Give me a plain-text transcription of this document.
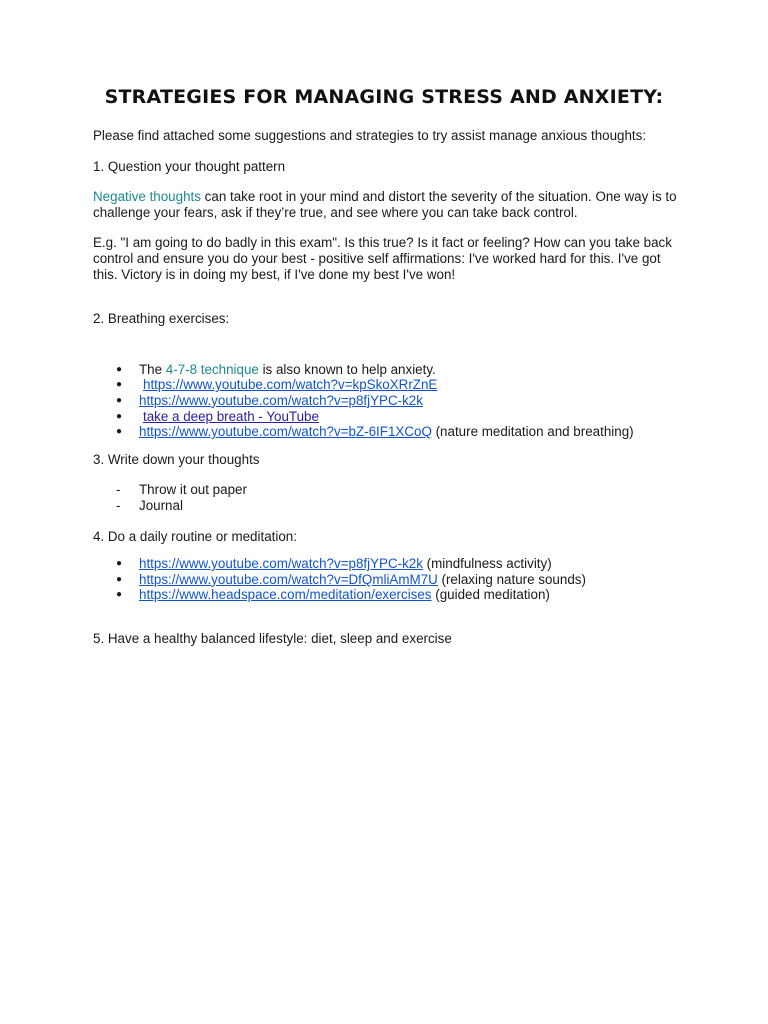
STRATEGIES FOR MANAGING STRESS AND ANXIETY:

Please find attached some suggestions and strategies to try assist manage anxious thoughts:

1. Question your thought pattern

Negative thoughts can take root in your mind and distort the severity of the situation. One way is to challenge your fears, ask if they’re true, and see where you can take back control.

E.g. "I am going to do badly in this exam". Is this true? Is it fact or feeling? How can you take back control and ensure you do your best - positive self affirmations: I've worked hard for this. I've got this. Victory is in doing my best, if I've done my best I've won!

2. Breathing exercises:

● The 4-7-8 technique is also known to help anxiety.
● https://www.youtube.com/watch?v=kpSkoXRrZnE
● https://www.youtube.com/watch?v=p8fjYPC-k2k
● take a deep breath - YouTube
● https://www.youtube.com/watch?v=bZ-6IF1XCoQ (nature meditation and breathing)

3. Write down your thoughts

- Throw it out paper
- Journal

4. Do a daily routine or meditation:

● https://www.youtube.com/watch?v=p8fjYPC-k2k (mindfulness activity)
● https://www.youtube.com/watch?v=DfQmliAmM7U (relaxing nature sounds)
● https://www.headspace.com/meditation/exercises (guided meditation)

5. Have a healthy balanced lifestyle: diet, sleep and exercise
